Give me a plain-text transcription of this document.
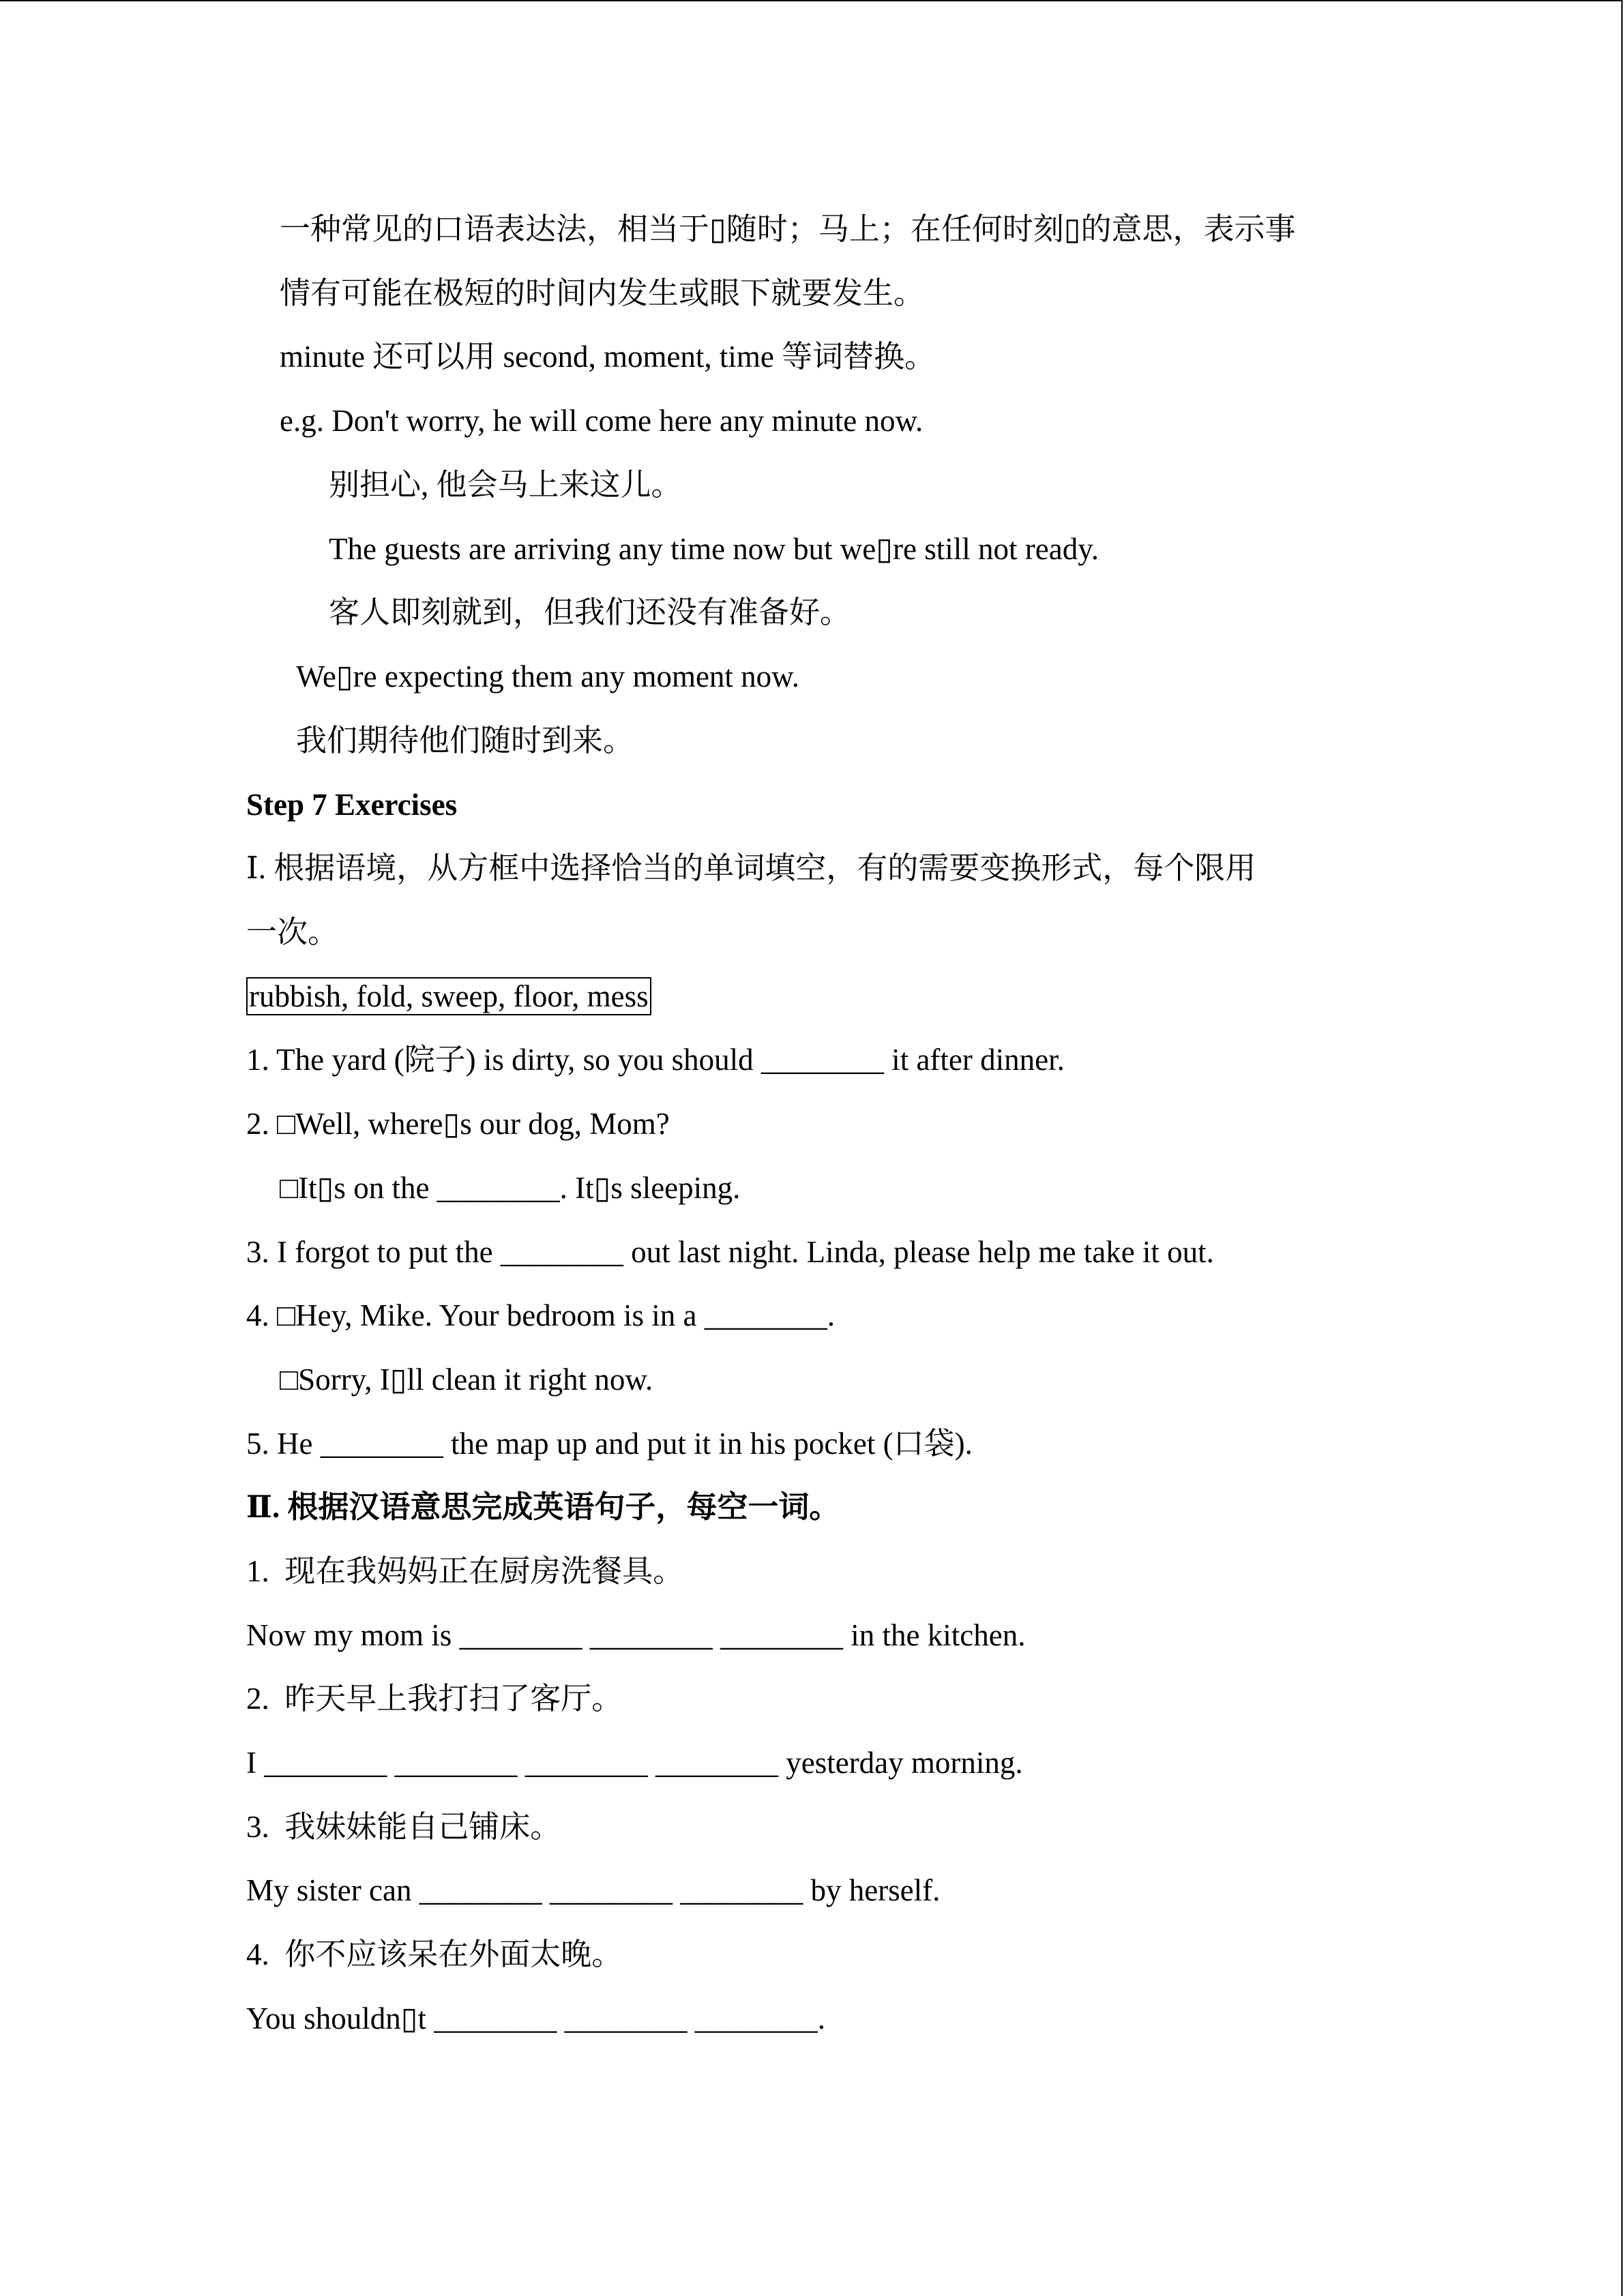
一种常见的口语表达法，相当于▯随时；马上；在任何时刻▯的意思，表示事
情有可能在极短的时间内发生或眼下就要发生。
minute 还可以用 second, moment, time 等词替换。
e.g. Don't worry, he will come here any minute now.
别担心, 他会马上来这儿。
The guests are arriving any time now but we▯re still not ready.
客人即刻就到，但我们还没有准备好。
We▯re expecting them any moment now.
我们期待他们随时到来。
Step 7 Exercises
Ⅰ. 根据语境，从方框中选择恰当的单词填空，有的需要变换形式，每个限用
一次。
rubbish, fold, sweep, floor, mess
1. The yard (院子) is dirty, so you should ________ it after dinner.
2. □Well, where▯s our dog, Mom?
□It▯s on the ________. It▯s sleeping.
3. I forgot to put the ________ out last night. Linda, please help me take it out.
4. □Hey, Mike. Your bedroom is in a ________.
□Sorry, I▯ll clean it right now.
5. He ________ the map up and put it in his pocket (口袋).
Ⅱ. 根据汉语意思完成英语句子，每空一词。
1.  现在我妈妈正在厨房洗餐具。
Now my mom is ________ ________ ________ in the kitchen.
2.  昨天早上我打扫了客厅。
I ________ ________ ________ ________ yesterday morning.
3.  我妹妹能自己铺床。
My sister can ________ ________ ________ by herself.
4.  你不应该呆在外面太晚。
You shouldn▯t ________ ________ ________.
